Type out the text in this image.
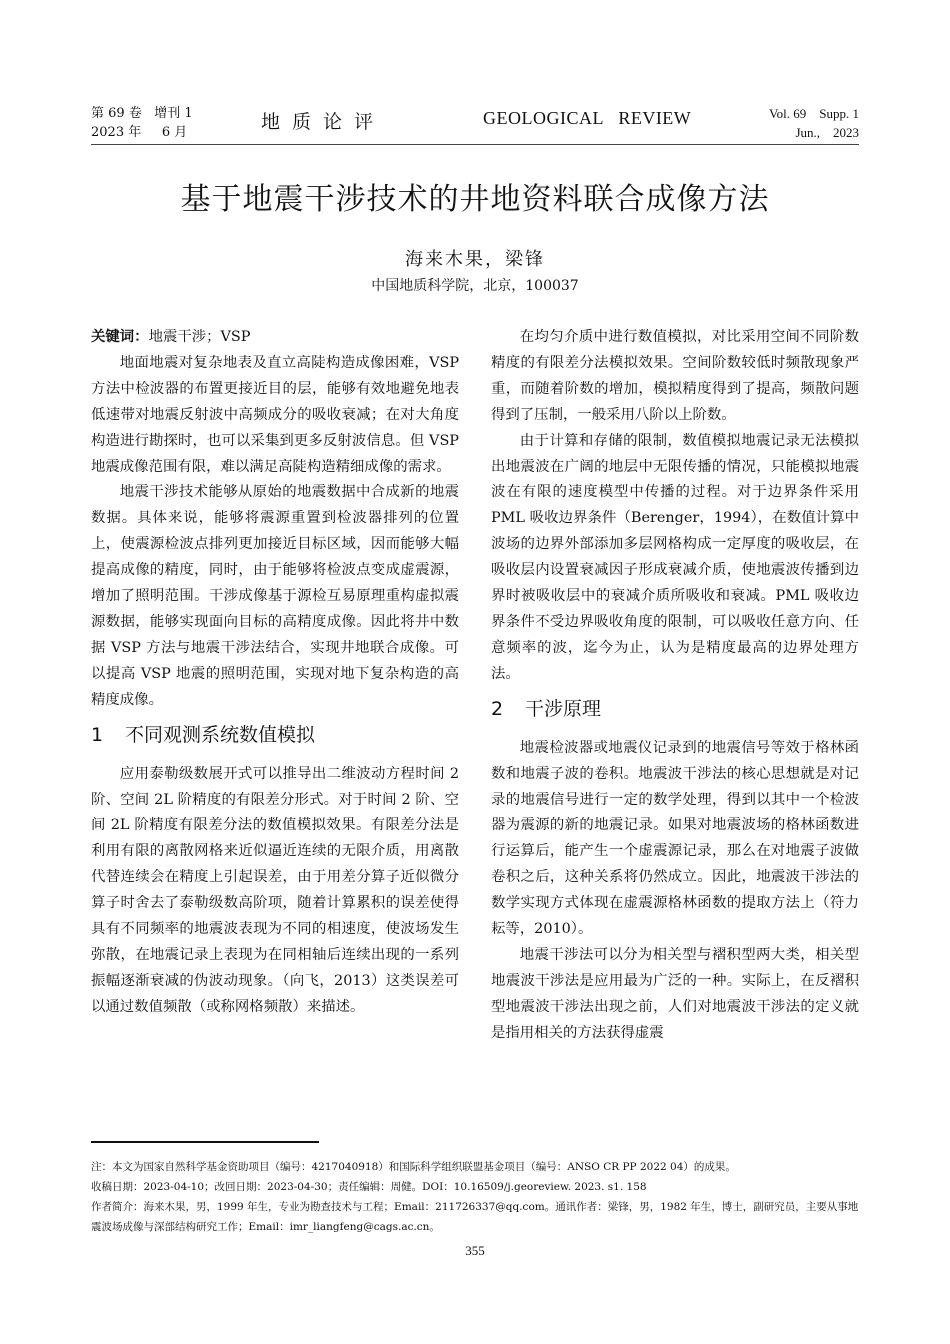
第 69 卷   增刊 1
2023 年     6 月	地质论评	GEOLOGICAL REVIEW	Vol. 69    Supp. 1
Jun.,    2023
基于地震干涉技术的井地资料联合成像方法
海来木果，梁锋
中国地质科学院，北京，100037

关键词：地震干涉；VSP

地面地震对复杂地表及直立高陡构造成像困难，VSP 方法中检波器的布置更接近目的层，能够有效地避免地表低速带对地震反射波中高频成分的吸收衰减；在对大角度构造进行勘探时，也可以采集到更多反射波信息。但 VSP 地震成像范围有限，难以满足高陡构造精细成像的需求。

地震干涉技术能够从原始的地震数据中合成新的地震数据。具体来说，能够将震源重置到检波器排列的位置上，使震源检波点排列更加接近目标区域，因而能够大幅提高成像的精度，同时，由于能够将检波点变成虚震源，增加了照明范围。干涉成像基于源检互易原理重构虚拟震源数据，能够实现面向目标的高精度成像。因此将井中数据 VSP 方法与地震干涉法结合，实现井地联合成像。可以提高 VSP 地震的照明范围，实现对地下复杂构造的高精度成像。

1 不同观测系统数值模拟

应用泰勒级数展开式可以推导出二维波动方程时间 2 阶、空间 2L 阶精度的有限差分形式。对于时间 2 阶、空间 2L 阶精度有限差分法的数值模拟效果。有限差分法是利用有限的离散网格来近似逼近连续的无限介质，用离散代替连续会在精度上引起误差，由于用差分算子近似微分算子时舍去了泰勒级数高阶项，随着计算累积的误差使得具有不同频率的地震波表现为不同的相速度，使波场发生弥散，在地震记录上表现为在同相轴后连续出现的一系列振幅逐渐衰减的伪波动现象。（向飞，2013）这类误差可以通过数值频散（或称网格频散）来描述。

在均匀介质中进行数值模拟，对比采用空间不同阶数精度的有限差分法模拟效果。空间阶数较低时频散现象严重，而随着阶数的增加，模拟精度得到了提高，频散问题得到了压制，一般采用八阶以上阶数。

由于计算和存储的限制，数值模拟地震记录无法模拟出地震波在广阔的地层中无限传播的情况，只能模拟地震波在有限的速度模型中传播的过程。对于边界条件采用 PML 吸收边界条件（Berenger，1994），在数值计算中波场的边界外部添加多层网格构成一定厚度的吸收层，在吸收层内设置衰减因子形成衰减介质，使地震波传播到边界时被吸收层中的衰减介质所吸收和衰减。PML 吸收边界条件不受边界吸收角度的限制，可以吸收任意方向、任意频率的波，迄今为止，认为是精度最高的边界处理方法。

2 干涉原理

地震检波器或地震仪记录到的地震信号等效于格林函数和地震子波的卷积。地震波干涉法的核心思想就是对记录的地震信号进行一定的数学处理，得到以其中一个检波器为震源的新的地震记录。如果对地震波场的格林函数进行运算后，能产生一个虚震源记录，那么在对地震子波做卷积之后，这种关系将仍然成立。因此，地震波干涉法的数学实现方式体现在虚震源格林函数的提取方法上（符力耘等，2010）。

地震干涉法可以分为相关型与褶积型两大类，相关型地震波干涉法是应用最为广泛的一种。实际上，在反褶积型地震波干涉法出现之前，人们对地震波干涉法的定义就是指用相关的方法获得虚震

注：本文为国家自然科学基金资助项目（编号：4217040918）和国际科学组织联盟基金项目（编号：ANSO CR PP 2022 04）的成果。
收稿日期：2023-04-10；改回日期：2023-04-30；责任编辑：周健。DOI：10.16509/j.georeview. 2023. s1. 158
作者简介：海来木果，男，1999 年生，专业为勘查技术与工程；Email：211726337@qq.com。通讯作者：梁锋，男，1982 年生，博士，副研究员，主要从事地震波场成像与深部结构研究工作；Email：imr_liangfeng@cags.ac.cn。
355
